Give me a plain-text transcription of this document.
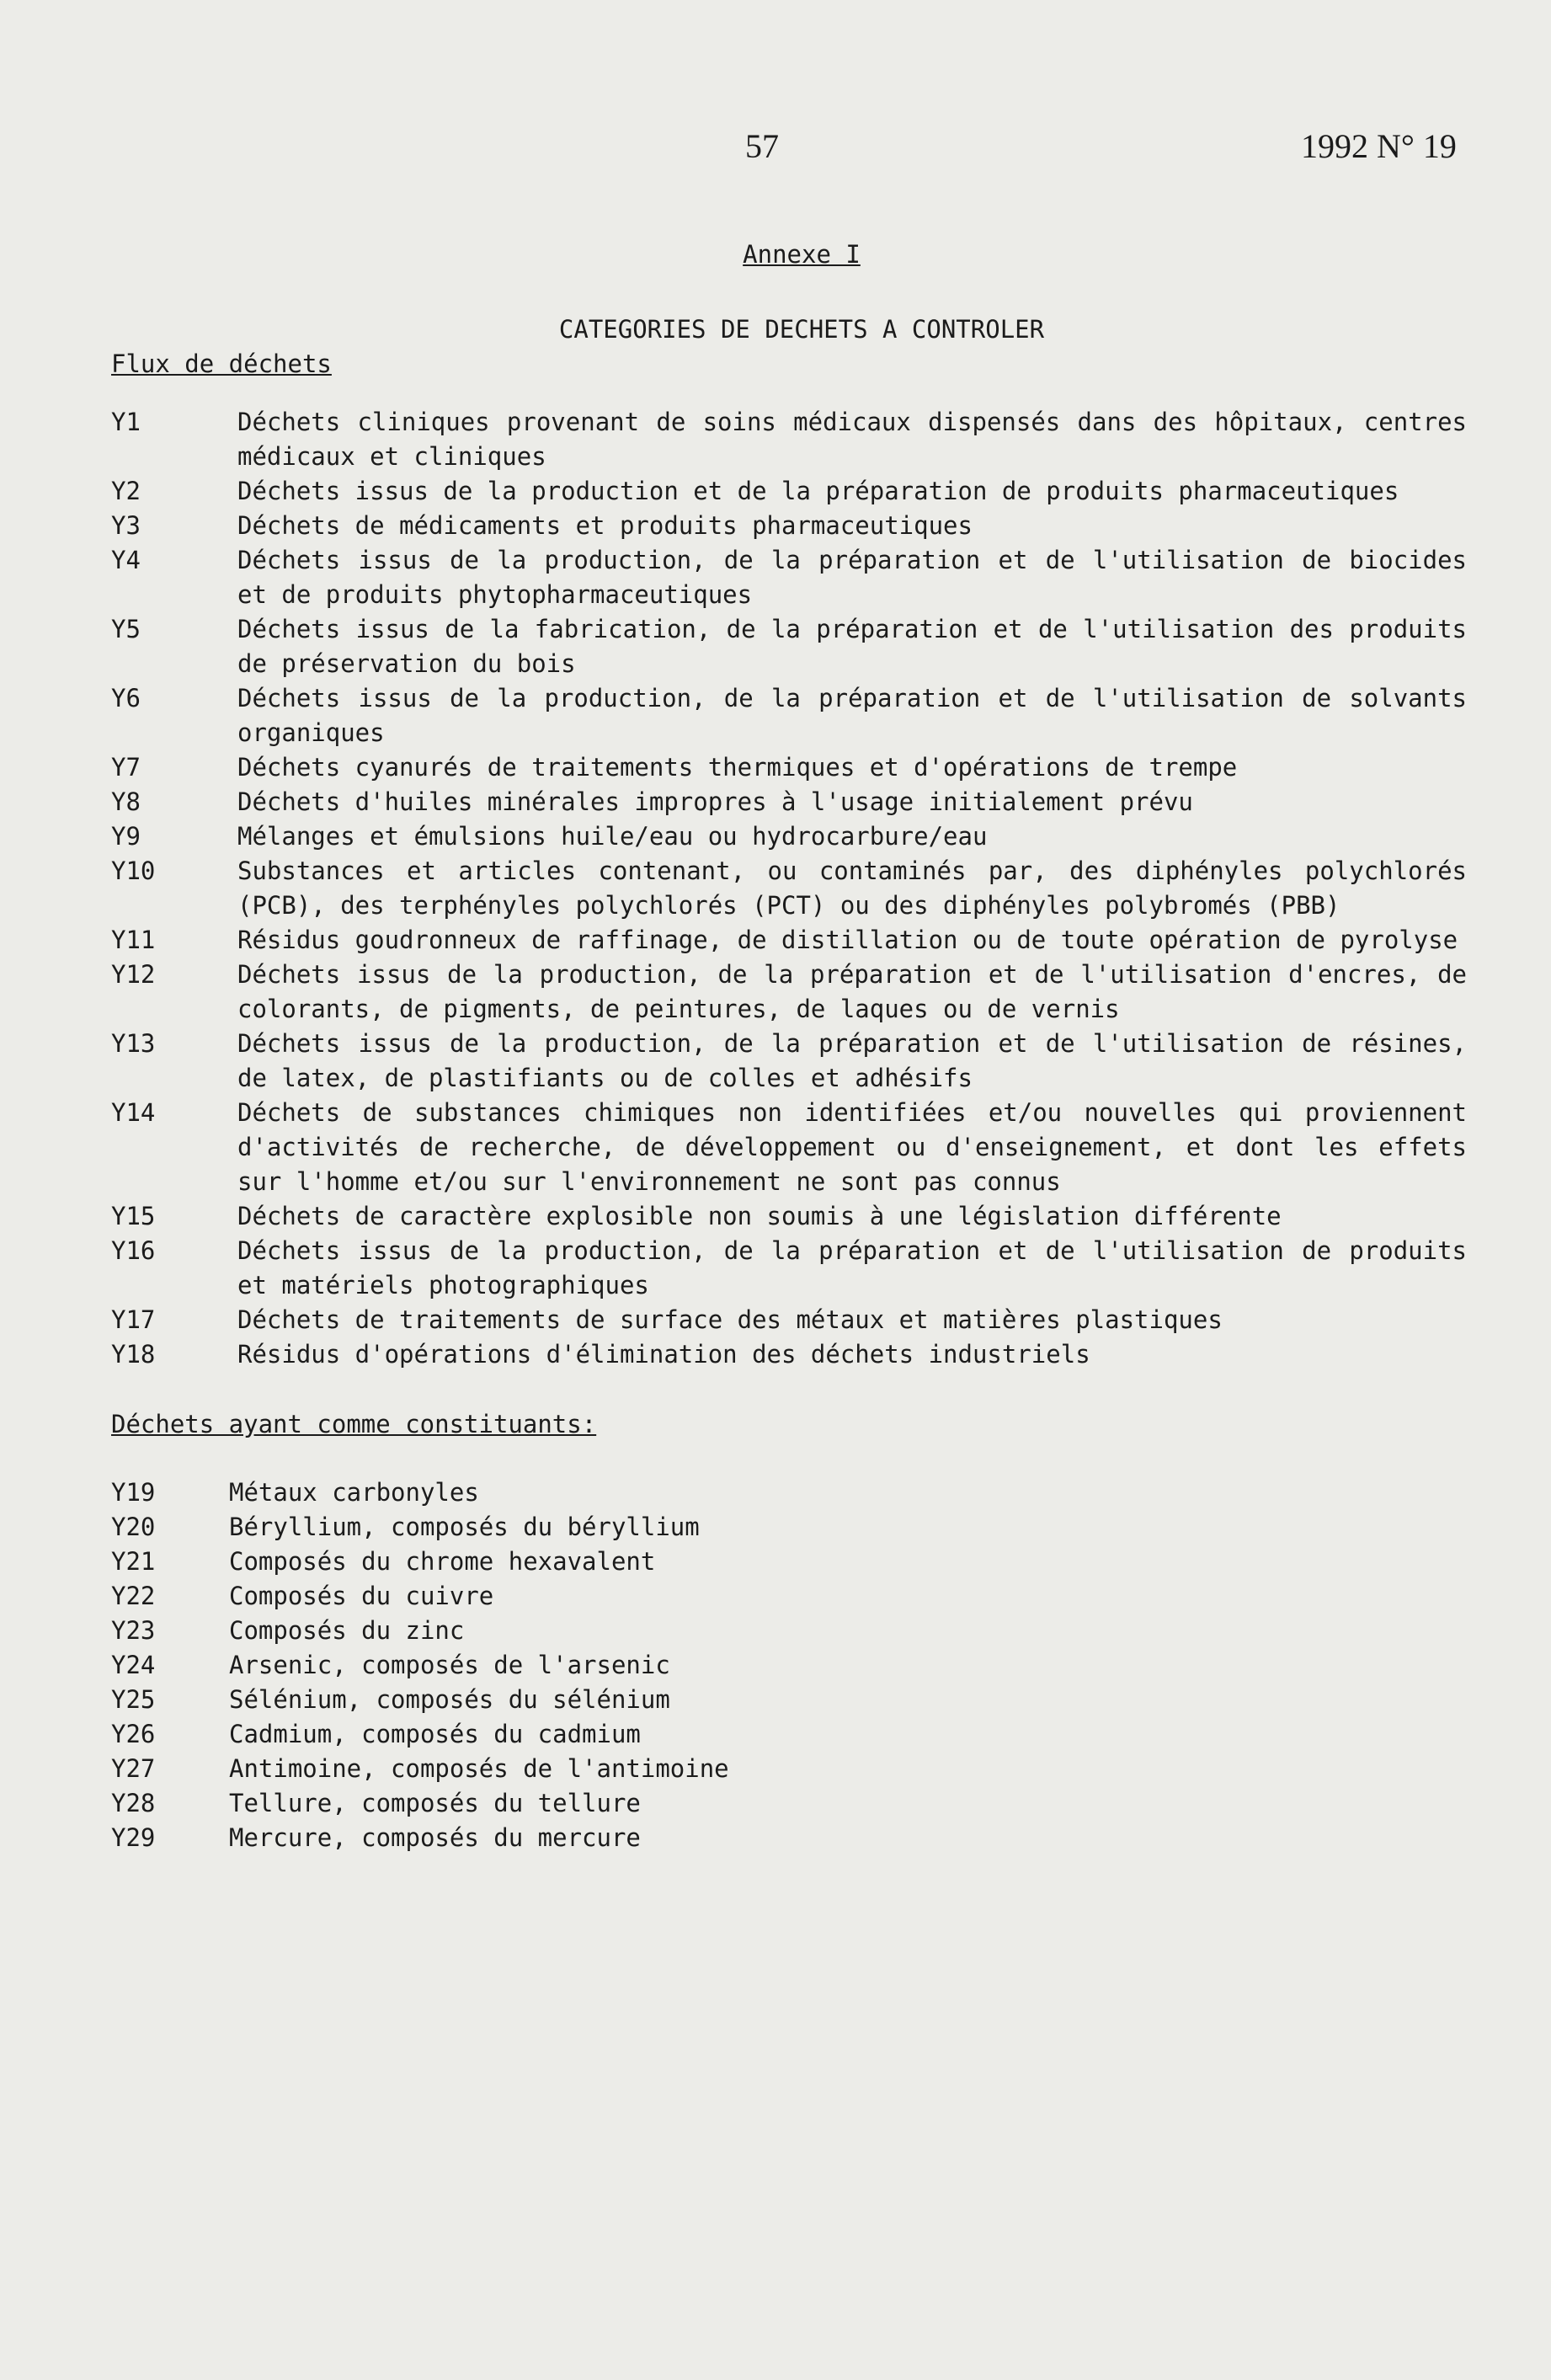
57	1992 N° 19
Annexe I
CATEGORIES DE DECHETS A CONTROLER
Flux de déchets
Y1	Déchets cliniques provenant de soins médicaux dispensés dans des hôpitaux, centres médicaux et cliniques
Y2	Déchets issus de la production et de la préparation de produits pharmaceutiques
Y3	Déchets de médicaments et produits pharmaceutiques
Y4	Déchets issus de la production, de la préparation et de l'utilisation de biocides et de produits phytopharmaceutiques
Y5	Déchets issus de la fabrication, de la préparation et de l'utilisation des produits de préservation du bois
Y6	Déchets issus de la production, de la préparation et de l'utilisation de solvants organiques
Y7	Déchets cyanurés de traitements thermiques et d'opérations de trempe
Y8	Déchets d'huiles minérales impropres à l'usage initialement prévu
Y9	Mélanges et émulsions huile/eau ou hydrocarbure/eau
Y10	Substances et articles contenant, ou contaminés par, des diphényles polychlorés (PCB), des terphényles polychlorés (PCT) ou des diphényles polybromés (PBB)
Y11	Résidus goudronneux de raffinage, de distillation ou de toute opération de pyrolyse
Y12	Déchets issus de la production, de la préparation et de l'utilisation d'encres, de colorants, de pigments, de peintures, de laques ou de vernis
Y13	Déchets issus de la production, de la préparation et de l'utilisation de résines, de latex, de plastifiants ou de colles et adhésifs
Y14	Déchets de substances chimiques non identifiées et/ou nouvelles qui proviennent d'activités de recherche, de développement ou d'enseignement, et dont les effets sur l'homme et/ou sur l'environnement ne sont pas connus
Y15	Déchets de caractère explosible non soumis à une législation différente
Y16	Déchets issus de la production, de la préparation et de l'utilisation de produits et matériels photographiques
Y17	Déchets de traitements de surface des métaux et matières plastiques
Y18	Résidus d'opérations d'élimination des déchets industriels
Déchets ayant comme constituants:
Y19	Métaux carbonyles
Y20	Béryllium, composés du béryllium
Y21	Composés du chrome hexavalent
Y22	Composés du cuivre
Y23	Composés du zinc
Y24	Arsenic, composés de l'arsenic
Y25	Sélénium, composés du sélénium
Y26	Cadmium, composés du cadmium
Y27	Antimoine, composés de l'antimoine
Y28	Tellure, composés du tellure
Y29	Mercure, composés du mercure
